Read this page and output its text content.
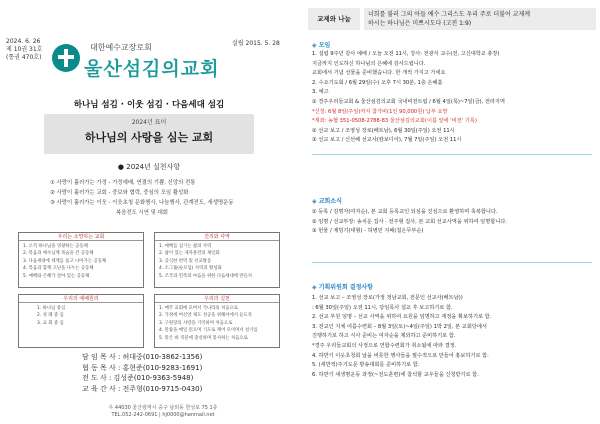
2024. 6. 26
제 10권 31호
(통권 470호)
설립 2015. 5. 28
대한예수교장로회
울산섬김의교회
하나님 섬김 · 이웃 섬김 · 다음세대 섬김
2024년 표어
하나님의 사랑을 심는 교회
● 2024년 실천사항
① 사랑이 흘러가는 가정 - 가정예배, 연결의 기쁨, 신앙의 전통
② 사랑이 흘러가는 교회 - 중보와 협력, 중심의 모임 활성화
③ 사랑이 흘러가는 이웃 - 이웃초청 문화행사, 나눔행사, 관계전도, 새생명운동
복음전도 시연 및 대회
우리는 소망하는 교회
1. 오직 하나님을 영광하는 공동체
2. 복음과 예수님께 목숨을 건 공동체
3. 다음세대에 세계를 품고 나아가는 공동체
4. 복음과 함께 고난을 나누는 공동체
5. 예배와 은혜가 살아 있는 공동체
진리와 사역
1. 예배를 섬기는 삶의 사역
2. 삶이 있는 제자훈련의 제일화
3. 공식한 번역 및 선교활동
4. 소그룹(순모임) 사역의 활성화
5. 조국과 민족의 마음을 위한 다음세대에 만들자
우리의 예배원리
1. 하나님 중심
2. 성 례 중 심
3. 교 회 중 심
우리의 실천
1. 매주 교회에 모여서 가나라의 처음으로
2. 가정에 여신앙 제도 성공을 위해서에서 듣도록
3. 구원장의 사랑을 기억하며 처음으로
4. 말씀을 매일 읽으며 기도로 깨어 모이며서 살기를
5. 맡은 바 직분에 충실하며 봉사하는 처음으로
담 임 목 사 : 허대중(010-3862-1356)
협 동 목 사 : 홍현준(010-9283-1691)
전 도 사 : 김성준(010-9363-5948)
교 육 간 사 : 전주형(010-9715-0430)
우 44030 울산광역시 중구 남외동 한성로 75 1층
TEL.052-242-0691 | hj0000@hanmail.net
교제와 나눔
너희를 불러 그의 아들 예수 그리스도 우리 주로 더불어 교제케
하시는 하나님은 미쁘시도다 (고전 1:9)
◈ 모임
1. 설립 9주년 감사 예배 / 오늘 오전 11시, 강사: 전광식 교수(전, 고신대학교 총장)
지금까지 인도하신 하나님의 은혜에 감사드립니다.
교회에서 기념 선물을 준비했습니다. 한 개씩 가지고 가세요
2. 수요기도회 / 6월 29일(수) 오후 7시 30분, 1층 은혜홀
3. 예고
① 경주우리들교회 & 울산섬김의교회 국내비전트립 / 6월 4일(목)~7일(금), 전라지역
*신청: 6월 8일(주일)까지 참가비(1인 90,000원) 납부 요망
*계좌: 농협 351-0508-2788-83 울산섬김의교회(이름 앞에 '비전' 기록)
② 선교 보고 / 조영성 장로(베트남), 6월 30일(주일) 오전 11시
③ 선교 보고 / 신선혜 선교사(캄보디아), 7월 7일(주일) 오전 11시
◈ 교회소식
① 등록 / 김명자(여자순), 본 교회 등록교인 되심을 진심으로 환영하며 축복합니다.
② 임명 / 선교부장: 송치운 집사 · 전주형 집사, 본 교회 선교사역을 위하여 임명합니다.
③ 헌물 / 제빙기(대형) - 허병민 지배(첨은무부순)
◈ 기획위원회 결정사항
1. 선교 보고 – 조영성 장로(가정 정남교회, 전문인 선교사(베트남))
: 6월 30일(주일) 오전 11시, 당임목사 설교 후 보고하기로 함.
2. 선교 부원 임명 – 선교 사역을 위하여 요원을 임명하고 재정을 확보하기로 함.
3. 전교인 지체 여름수련회 – 8월 3일(토)~4일(주일) 1박 2일, 본 교회당에서
진행하기로 하고 식사 준비는 여자순을 제외하고 준비하기로 함.
*경주 우리들교회의 사정으로 연합수련회가 취소됨에 따라 결정.
4. 하반기 이웃초청회 날을 비롯한 행사들을 필수적으로 만들어 홍보하기로 함.
5. (세반적)주기도문 방송대회를 준비하기로 함.
6. 하반기 새생명운동 과정(~전도훈련)에 참석할 교우들을 신청받기로 함.
